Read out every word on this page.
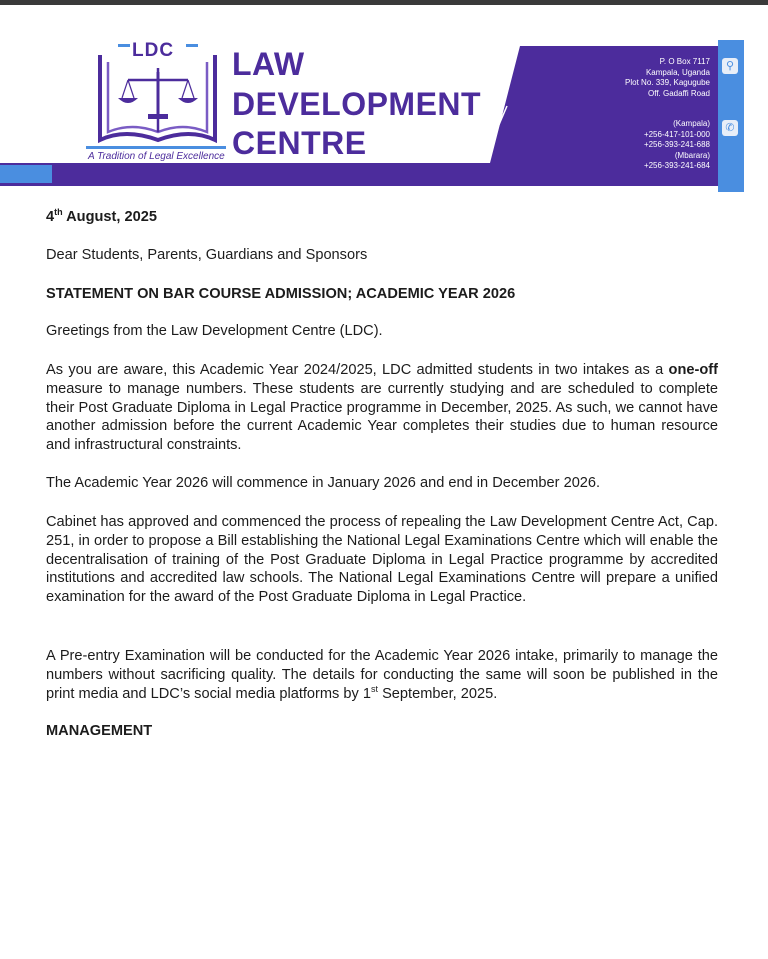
LDC LAW
DEVELOPMENT
CENTRE
A Tradition of Legal Excellence
⚲
P. O Box 7117
Kampala, Uganda
Plot No. 339, Kagugube
Off. Gadaffi Road
✆
(Kampala)
+256-417-101-000
+256-393-241-688
(Mbarara)
+256-393-241-684
4th August, 2025
Dear Students, Parents, Guardians and Sponsors
STATEMENT ON BAR COURSE ADMISSION; ACADEMIC YEAR 2026
Greetings from the Law Development Centre (LDC).
As you are aware, this Academic Year 2024/2025, LDC admitted students in two intakes as a one-off measure to manage numbers. These students are currently studying and are scheduled to complete their Post Graduate Diploma in Legal Practice programme in December, 2025. As such, we cannot have another admission before the current Academic Year completes their studies due to human resource and infrastructural constraints.
The Academic Year 2026 will commence in January 2026 and end in December 2026.
Cabinet has approved and commenced the process of repealing the Law Development Centre Act, Cap. 251, in order to propose a Bill establishing the National Legal Examinations Centre which will enable the decentralisation of training of the Post Graduate Diploma in Legal Practice programme by accredited institutions and accredited law schools. The National Legal Examinations Centre will prepare a unified examination for the award of the Post Graduate Diploma in Legal Practice.
A Pre-entry Examination will be conducted for the Academic Year 2026 intake, primarily to manage the numbers without sacrificing quality. The details for conducting the same will soon be published in the print media and LDC’s social media platforms by 1st September, 2025.
MANAGEMENT
